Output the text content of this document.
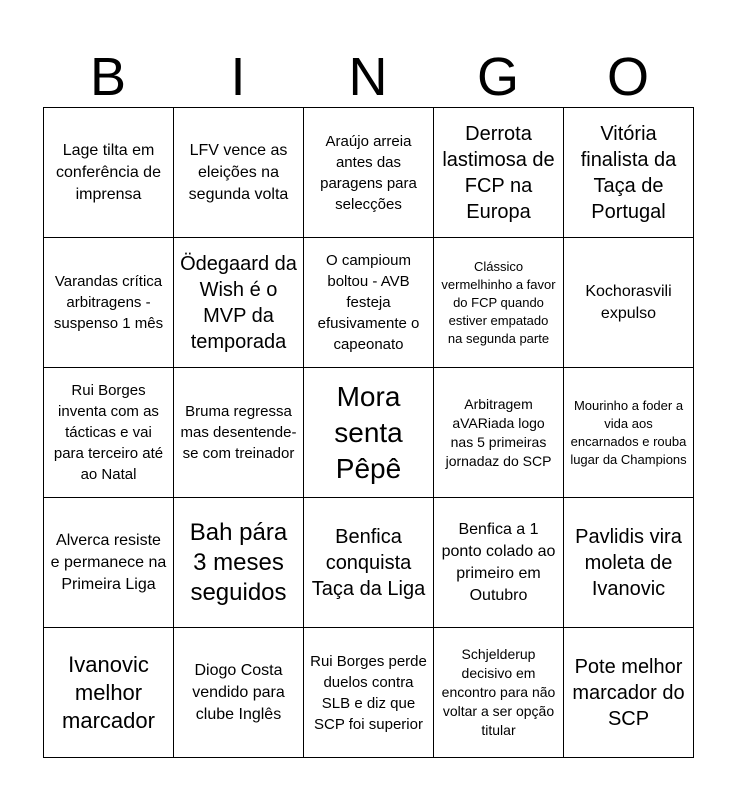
B	I	N	G	O
Lage tilta em conferência de imprensa	LFV vence as eleições na segunda volta	Araújo arreia antes das paragens para selecções	Derrota lastimosa de FCP na Europa	Vitória finalista da Taça de Portugal
Varandas crítica arbitragens - suspenso 1 mês	Ödegaard da Wish é o MVP da temporada	O campioum boltou - AVB festeja efusivamente o capeonato	Clássico vermelhinho a favor do FCP quando estiver empatado na segunda parte	Kochorasvili expulso
Rui Borges inventa com as tácticas e vai para terceiro até ao Natal	Bruma regressa mas desentende-se com treinador	Mora senta Pêpê	Arbitragem aVARiada logo nas 5 primeiras jornadaz do SCP	Mourinho a foder a vida aos encarnados e rouba lugar da Champions
Alverca resiste e permanece na Primeira Liga	Bah pára 3 meses seguidos	Benfica conquista Taça da Liga	Benfica a 1 ponto colado ao primeiro em Outubro	Pavlidis vira moleta de Ivanovic
Ivanovic melhor marcador	Diogo Costa vendido para clube Inglês	Rui Borges perde duelos contra SLB e diz que SCP foi superior	Schjelderup decisivo em encontro para não voltar a ser opção titular	Pote melhor marcador do SCP
